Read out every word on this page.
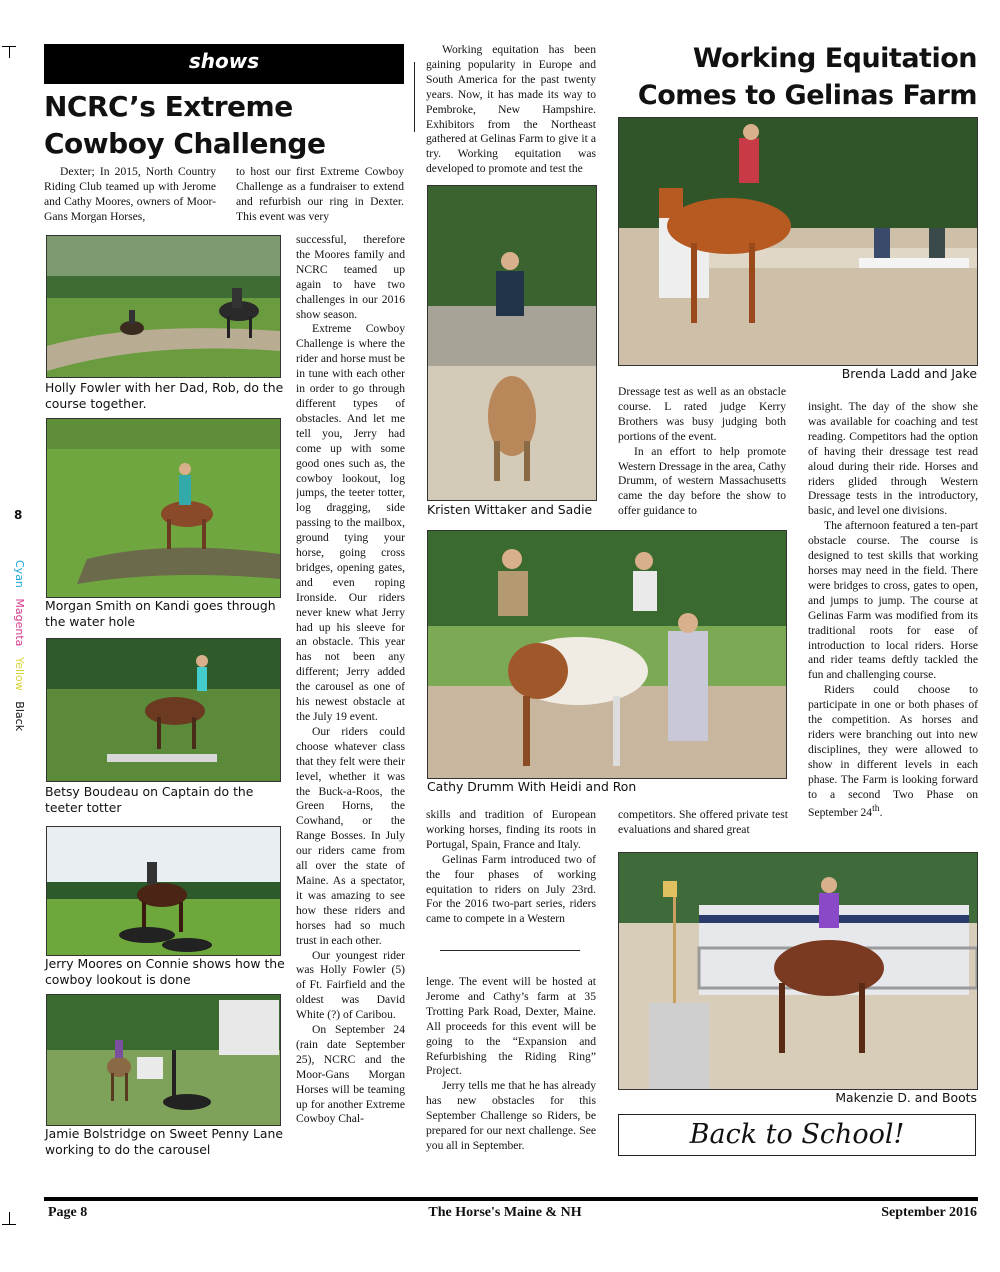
8
Cyan   Magenta   Yellow   Black
shows
NCRC’s Extreme
Cowboy Challenge

Dexter; In 2015, North Country Riding Club teamed up with Jerome and Cathy Moores, owners of Moor-Gans Morgan Horses,

to host our first Extreme Cowboy Challenge as a fundraiser to extend and refurbish our ring in Dexter. This event was very

successful, therefore the Moores family and NCRC teamed up again to have two challenges in our 2016 show season.

Extreme Cowboy Challenge is where the rider and horse must be in tune with each other in order to go through different types of obstacles. And let me tell you, Jerry had come up with some good ones such as, the cowboy lookout, log jumps, the teeter totter, log dragging, side passing to the mailbox, ground tying your horse, going cross bridges, opening gates, and even roping Ironside. Our riders never knew what Jerry had up his sleeve for an obstacle. This year has not been any different; Jerry added the carousel as one of his newest obstacle at the July 19 event.

Our riders could choose whatever class that they felt were their level, whether it was the Buck-a-Roos, the Green Horns, the Cowhand, or the Range Bosses. In July our riders came from all over the state of Maine. As a spectator, it was amazing to see how these riders and horses had so much trust in each other.

Our youngest rider was Holly Fowler (5) of Ft. Fairfield and the oldest was David White (?) of Caribou.

On September 24 (rain date September 25), NCRC and the Moor-Gans Morgan Horses will be teaming up for another Extreme Cowboy Chal-

Holly Fowler with her Dad, Rob, do the course together.
Morgan Smith on Kandi goes through the water hole
Betsy Boudeau on Captain do the teeter totter
Jerry Moores on Connie shows how the cowboy lookout is done
Jamie Bolstridge on Sweet Penny Lane working to do the carousel
Working Equitation
Comes to Gelinas Farm

Working equitation has been gaining popularity in Europe and South America for the past twenty years. Now, it has made its way to Pembroke, New Hampshire. Exhibitors from the Northeast gathered at Gelinas Farm to give it a try. Working equitation was developed to promote and test the

Kristen Wittaker and Sadie
Brenda Ladd and Jake

Dressage test as well as an obstacle course. L rated judge Kerry Brothers was busy judging both portions of the event.

In an effort to help promote Western Dressage in the area, Cathy Drumm, of western Massachusetts came the day before the show to offer guidance to

insight. The day of the show she was available for coaching and test reading. Competitors had the option of having their dressage test read aloud during their ride. Horses and riders glided through Western Dressage tests in the introductory, basic, and level one divisions.

The afternoon featured a ten-part obstacle course. The course is designed to test skills that working horses may need in the field. There were bridges to cross, gates to open, and jumps to jump. The course at Gelinas Farm was modified from its traditional roots for ease of introduction to local riders. Horse and rider teams deftly tackled the fun and challenging course.

Riders could choose to participate in one or both phases of the competition. As horses and riders were branching out into new disciplines, they were allowed to show in different levels in each phase. The Farm is looking forward to a second Two Phase on September 24th.

Cathy Drumm With Heidi and Ron

skills and tradition of European working horses, finding its roots in Portugal, Spain, France and Italy.

Gelinas Farm introduced two of the four phases of working equitation to riders on July 23rd. For the 2016 two-part series, riders came to compete in a Western

lenge. The event will be hosted at Jerome and Cathy’s farm at 35 Trotting Park Road, Dexter, Maine. All proceeds for this event will be going to the “Expansion and Refurbishing the Riding Ring” Project.

Jerry tells me that he has already has new obstacles for this September Challenge so Riders, be prepared for our next challenge. See you all in September.

competitors. She offered private test evaluations and shared great

Makenzie D. and Boots
Back to School!
Page 8	The Horse's Maine & NH	September 2016
